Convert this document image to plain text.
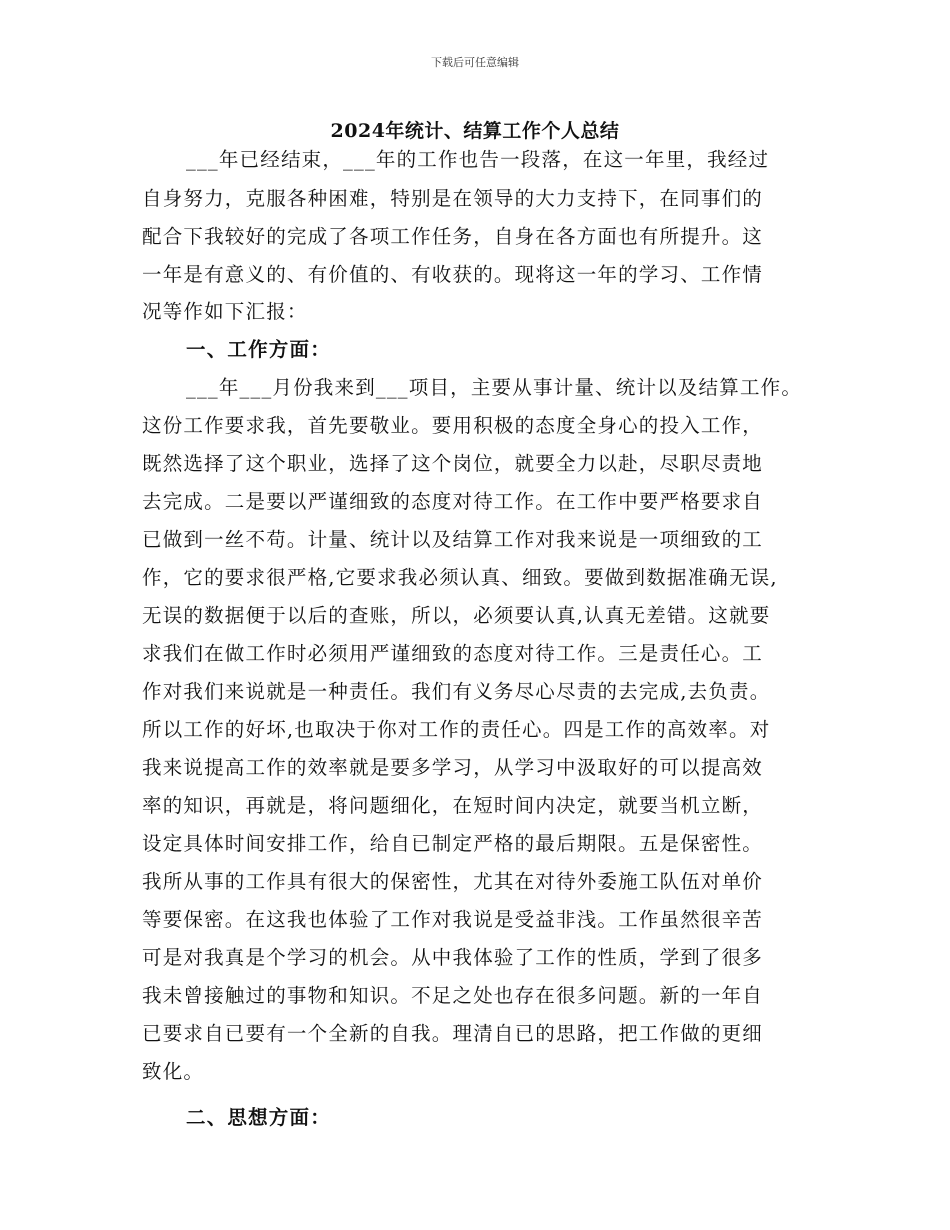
下载后可任意编辑
2024年统计、结算工作个人总结
___年已经结束，___年的工作也告一段落，在这一年里，我经过
自身努力，克服各种困难，特别是在领导的大力支持下，在同事们的
配合下我较好的完成了各项工作任务，自身在各方面也有所提升。这
一年是有意义的、有价值的、有收获的。现将这一年的学习、工作情
况等作如下汇报：
一、工作方面：
___年___月份我来到___项目，主要从事计量、统计以及结算工作。
这份工作要求我，首先要敬业。要用积极的态度全身心的投入工作，
既然选择了这个职业，选择了这个岗位，就要全力以赴，尽职尽责地
去完成。二是要以严谨细致的态度对待工作。在工作中要严格要求自
已做到一丝不苟。计量、统计以及结算工作对我来说是一项细致的工
作，它的要求很严格,它要求我必须认真、细致。要做到数据准确无误,
无误的数据便于以后的查账，所以，必须要认真,认真无差错。这就要
求我们在做工作时必须用严谨细致的态度对待工作。三是责任心。工
作对我们来说就是一种责任。我们有义务尽心尽责的去完成,去负责。
所以工作的好坏,也取决于你对工作的责任心。四是工作的高效率。对
我来说提高工作的效率就是要多学习，从学习中汲取好的可以提高效
率的知识，再就是，将问题细化，在短时间内决定，就要当机立断，
设定具体时间安排工作，给自已制定严格的最后期限。五是保密性。
我所从事的工作具有很大的保密性，尤其在对待外委施工队伍对单价
等要保密。在这我也体验了工作对我说是受益非浅。工作虽然很辛苦
可是对我真是个学习的机会。从中我体验了工作的性质，学到了很多
我未曾接触过的事物和知识。不足之处也存在很多问题。新的一年自
已要求自已要有一个全新的自我。理清自已的思路，把工作做的更细
致化。
二、思想方面：
